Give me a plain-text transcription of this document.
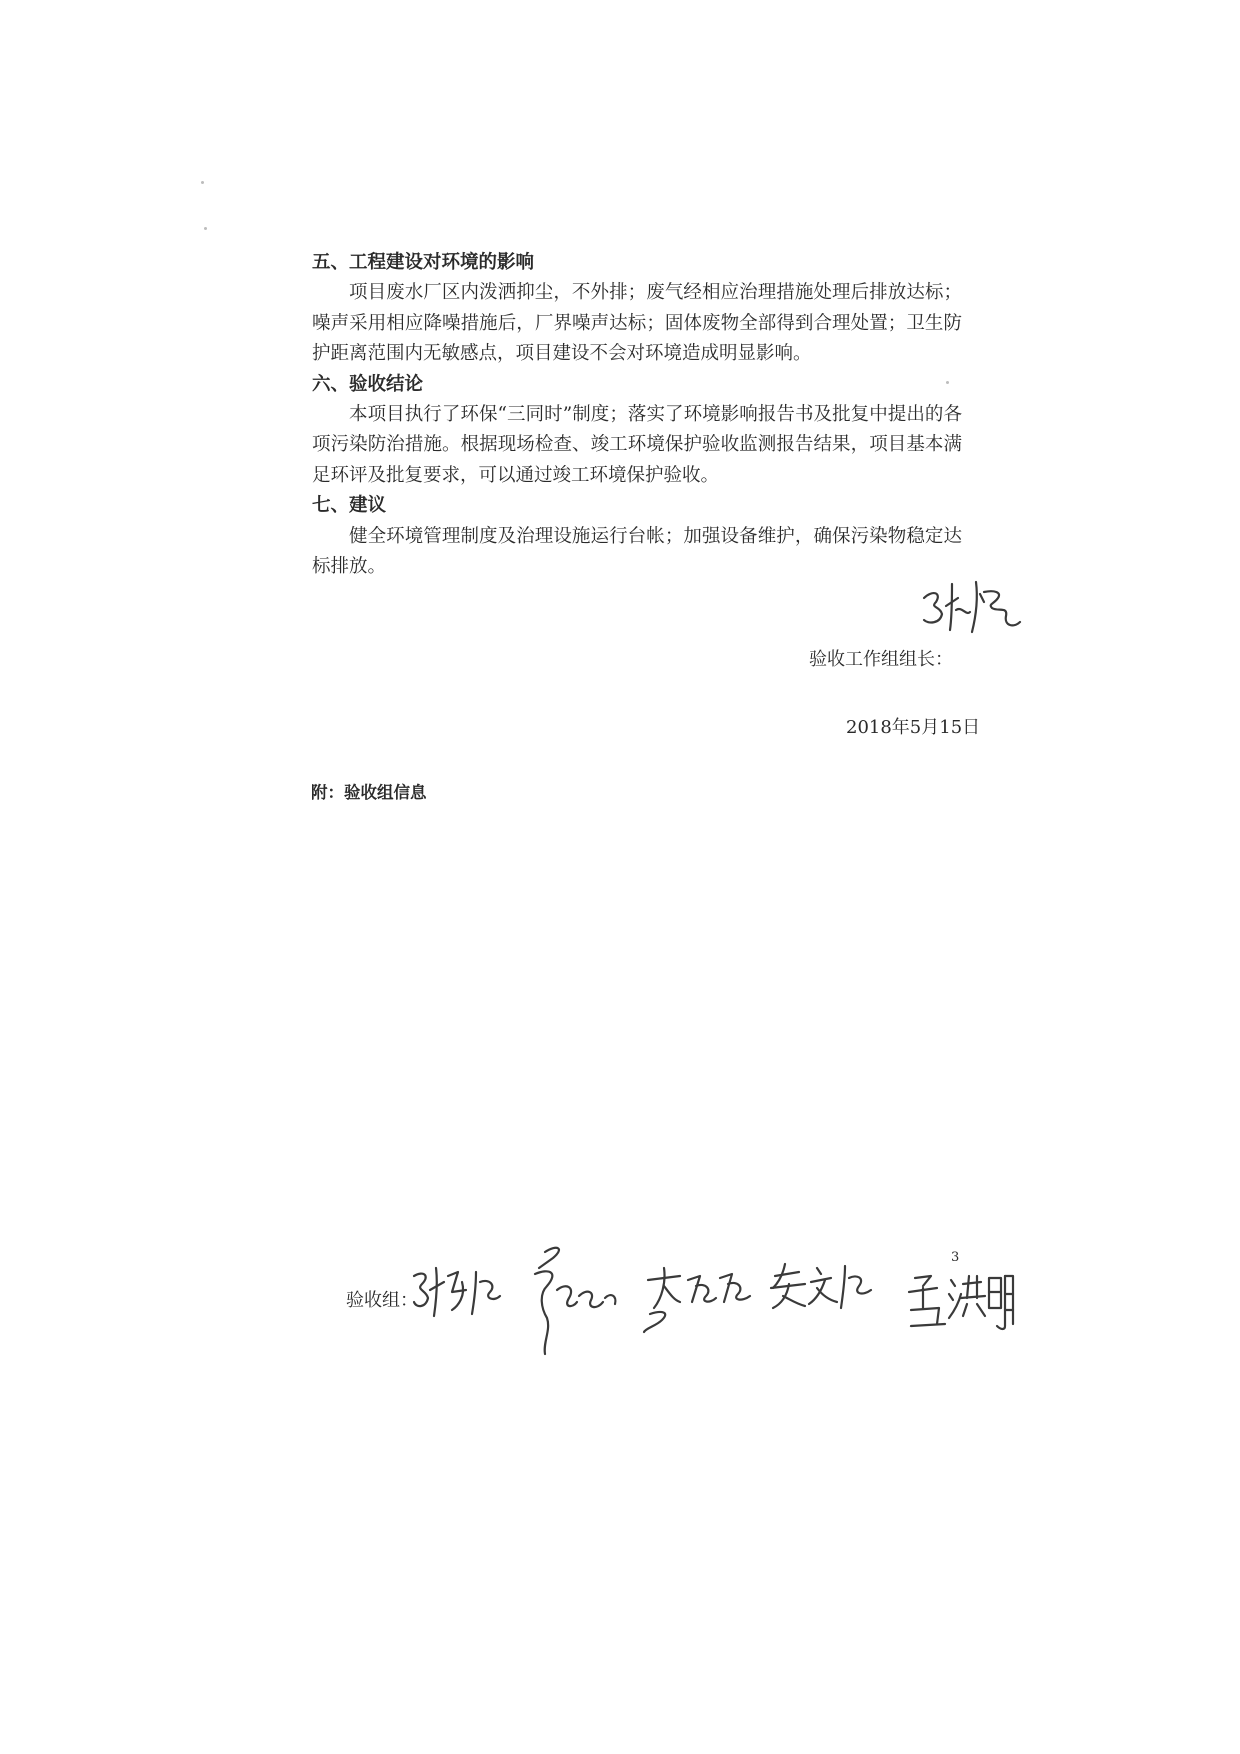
五、工程建设对环境的影响

项目废水厂区内泼洒抑尘，不外排；废气经相应治理措施处理后排放达标；噪声采用相应降噪措施后，厂界噪声达标；固体废物全部得到合理处置；卫生防护距离范围内无敏感点，项目建设不会对环境造成明显影响。

六、验收结论

本项目执行了环保“三同时”制度；落实了环境影响报告书及批复中提出的各项污染防治措施。根据现场检查、竣工环境保护验收监测报告结果，项目基本满足环评及批复要求，可以通过竣工环境保护验收。

七、建议

健全环境管理制度及治理设施运行台帐；加强设备维护，确保污染物稳定达标排放。

验收工作组组长：
2018年5月15日
附：验收组信息
验收组：
3
